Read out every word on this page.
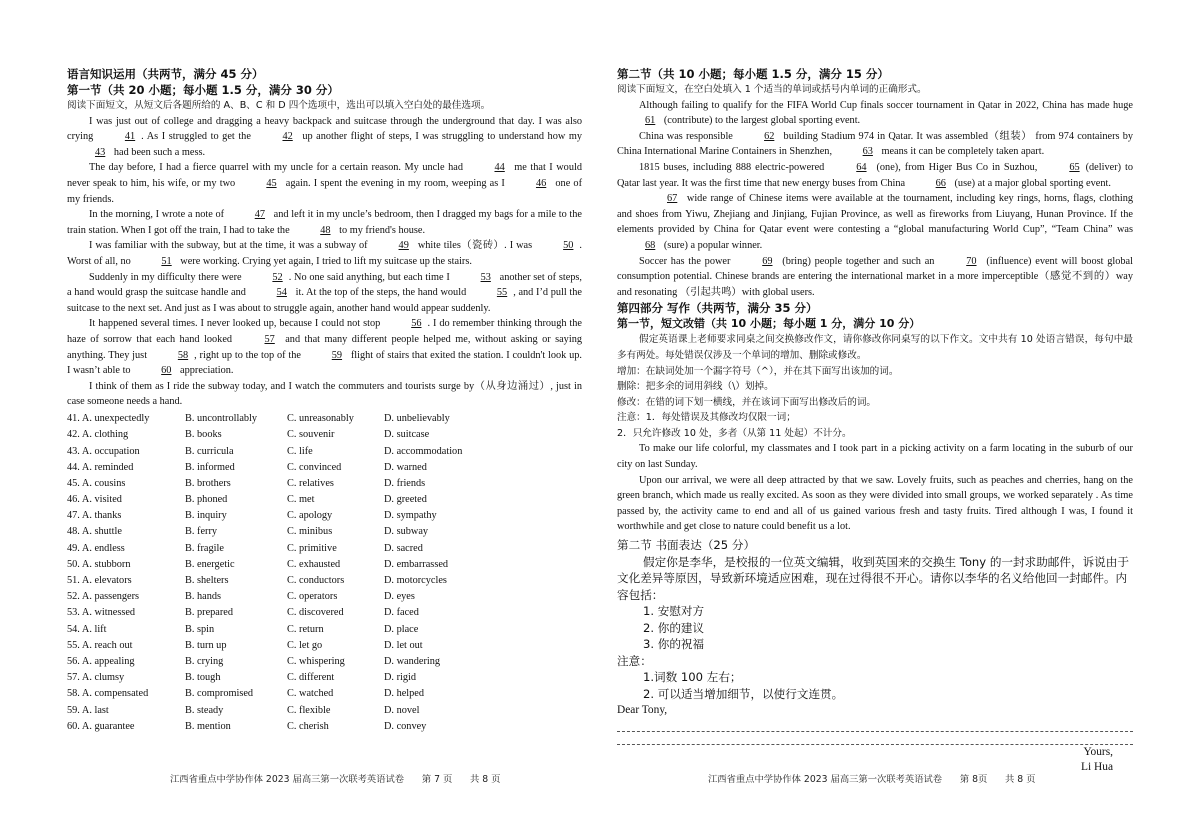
语言知识运用（共两节，满分 45 分）
第一节（共 20 小题；每小题 1.5 分，满分 30 分）

阅读下面短文，从短文后各题所给的 A、B、C 和 D 四个选项中，选出可以填入空白处的最佳选项。

I was just out of college and dragging a heavy backpack and suitcase through the underground that day. I was also crying	41 . As I struggled to get the	42 up another flight of steps, I was struggling to understand how my 43 had been such a mess.

The day before, I had a fierce quarrel with my uncle for a certain reason. My uncle had	44 me that I would never speak to him, his wife, or my two	45 again. I spent the evening in my room, weeping as I	46 one of my friends.

In the morning, I wrote a note of	47 and left it in my uncle’s bedroom, then I dragged my bags for a mile to the train station. When I got off the train, I had to take the	48 to my friend's house.

I was familiar with the subway, but at the time, it was a subway of	49 white tiles（瓷砖）. I was	50 . Worst of all, no	51 were working. Crying yet again, I tried to lift my suitcase up the stairs.

Suddenly in my difficulty there were	52 . No one said anything, but each time I	53 another set of steps, a hand would grasp the suitcase handle and	54 it. At the top of the steps, the hand would	55 , and I’d pull the suitcase to the next set. And just as I was about to struggle again, another hand would appear suddenly.

It happened several times. I never looked up, because I could not stop	56 . I do remember thinking through the haze of sorrow that each hand looked	57 and that many different people helped me, without asking or saying anything. They just	58 , right up to the top of the	59 flight of stairs that exited the station. I couldn't look up. I wasn’t able to	60 appreciation.

I think of them as I ride the subway today, and I watch the commuters and tourists surge by（从身边涌过）, just in case someone needs a hand.

41. A. unexpectedly	B. uncontrollably	C. unreasonably	D. unbelievably
42. A. clothing	B. books	C. souvenir	D. suitcase
43. A. occupation	B. curricula	C. life	D. accommodation
44. A. reminded	B. informed	C. convinced	D. warned
45. A. cousins	B. brothers	C. relatives	D. friends
46. A. visited	B. phoned	C. met	D. greeted
47. A. thanks	B. inquiry	C. apology	D. sympathy
48. A. shuttle	B. ferry	C. minibus	D. subway
49. A. endless	B. fragile	C. primitive	D. sacred
50. A. stubborn	B. energetic	C. exhausted	D. embarrassed
51. A. elevators	B. shelters	C. conductors	D. motorcycles
52. A. passengers	B. hands	C. operators	D. eyes
53. A. witnessed	B. prepared	C. discovered	D. faced
54. A. lift	B. spin	C. return	D. place
55. A. reach out	B. turn up	C. let go	D. let out
56. A. appealing	B. crying	C. whispering	D. wandering
57. A. clumsy	B. tough	C. different	D. rigid
58. A. compensated	B. compromised	C. watched	D. helped
59. A. last	B. steady	C. flexible	D. novel
60. A. guarantee	B. mention	C. cherish	D. convey
第二节（共 10 小题；每小题 1.5 分，满分 15 分）

阅读下面短文，在空白处填入 1 个适当的单词或括号内单词的正确形式。

Although failing to qualify for the FIFA World Cup finals soccer tournament in Qatar in 2022, China has made huge 61 (contribute) to the largest global sporting event.

China was responsible	62 building Stadium 974 in Qatar. It was assembled（组装） from 974 containers by China International Marine Containers in Shenzhen,	63 means it can be completely taken apart.

1815 buses, including 888 electric-powered	64 (one), from Higer Bus Co in Suzhou,	65 (deliver) to Qatar last year. It was the first time that new energy buses from China	66 (use) at a major global sporting event.

67 wide range of Chinese items were available at the tournament, including key rings, horns, flags, clothing and shoes from Yiwu, Zhejiang and Jinjiang, Fujian Province, as well as fireworks from Liuyang, Hunan Province. If the elements provided by China for Qatar event were contesting a “global manufacturing World Cup”, “Team China” was 68 (sure) a popular winner.

Soccer has the power	69 (bring) people together and such an	70 (influence) event will boost global consumption potential. Chinese brands are entering the international market in a more imperceptible（感觉不到的）way and resonating （引起共鸣）with global users.

第四部分 写作（共两节，满分 35 分）
第一节，短文改错（共 10 小题；每小题 1 分，满分 10 分）

假定英语课上老师要求同桌之间交换修改作文，请你修改你同桌写的以下作文。文中共有 10 处语言错误，每句中最多有两处。每处错误仅涉及一个单词的增加、删除或修改。

增加：在缺词处加一个漏字符号（^），并在其下面写出该加的词。

删除：把多余的词用斜线（\）划掉。

修改：在错的词下划一横线，并在该词下面写出修改后的词。

注意：1．每处错误及其修改均仅限一词；

2．只允许修改 10 处，多者（从第 11 处起）不计分。

To make our life colorful, my classmates and I took part in a picking activity on a farm locating in the suburb of our city on last Sunday.

Upon our arrival, we were all deep attracted by that we saw. Lovely fruits, such as peaches and cherries, hang on the green branch, which made us really excited. As soon as they were divided into small groups, we worked separately . As time passed by, the activity came to end and all of us gained various fresh and tasty fruits. Tired although I was, I found it worthwhile and get close to nature could benefit us a lot.

第二节 书面表达（25 分）

假定你是李华，是校报的一位英文编辑，收到英国来的交换生 Tony 的一封求助邮件，诉说由于文化差异等原因，导致新环境适应困难，现在过得很不开心。请你以李华的名义给他回一封邮件。内容包括：

1. 安慰对方
2. 你的建议
3. 你的祝福
注意：
1.词数 100 左右；
2. 可以适当增加细节，以使行文连贯。
Dear Tony,
Yours,
Li Hua
江西省重点中学协作体 2023 届高三第一次联考英语试卷      第 7 页      共 8 页	江西省重点中学协作体 2023 届高三第一次联考英语试卷      第 8页      共 8 页
